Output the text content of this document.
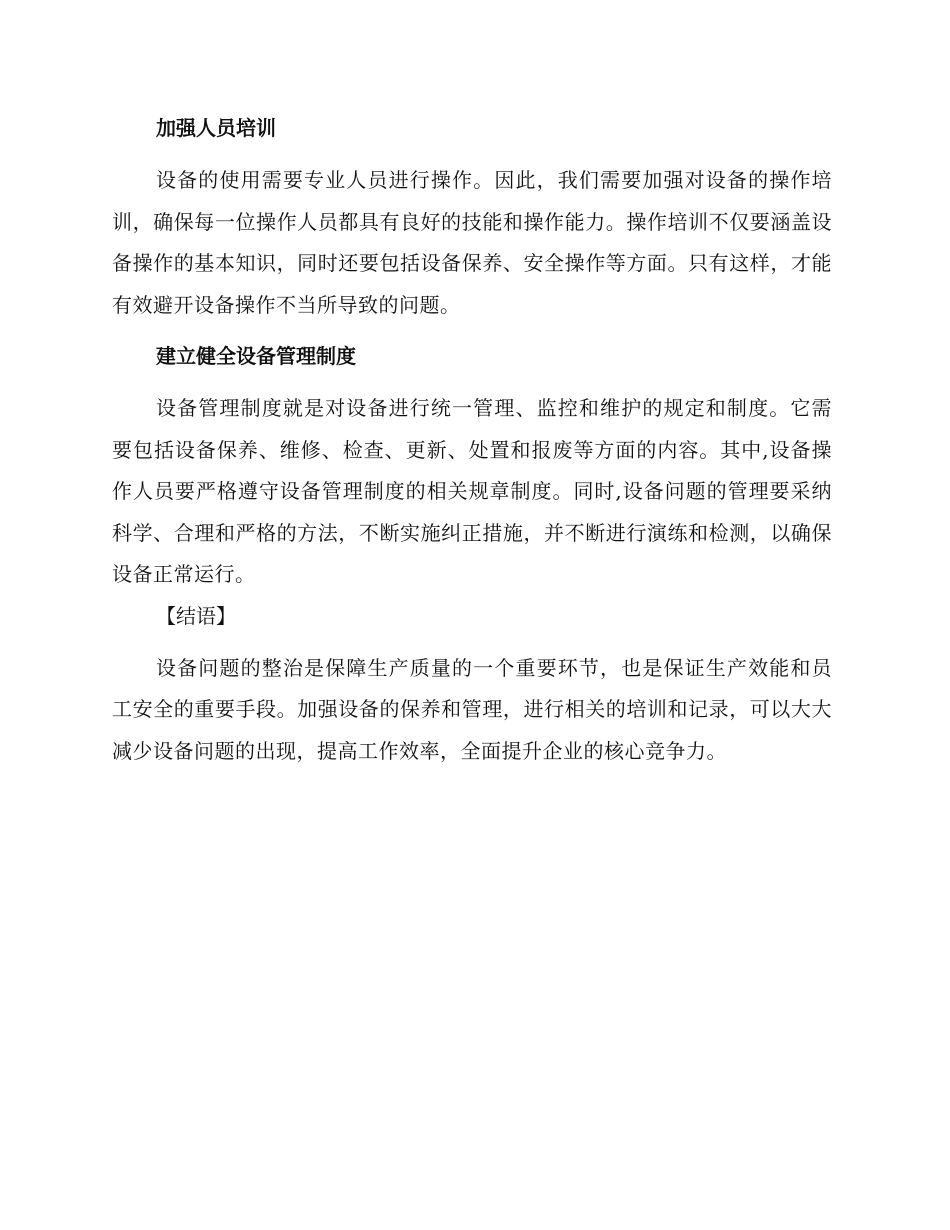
加强人员培训

设备的使用需要专业人员进行操作。因此，我们需要加强对设备的操作培训，确保每一位操作人员都具有良好的技能和操作能力。操作培训不仅要涵盖设备操作的基本知识，同时还要包括设备保养、安全操作等方面。只有这样，才能有效避开设备操作不当所导致的问题。

建立健全设备管理制度

设备管理制度就是对设备进行统一管理、监控和维护的规定和制度。它需要包括设备保养、维修、检查、更新、处置和报废等方面的内容。其中,设备操作人员要严格遵守设备管理制度的相关规章制度。同时,设备问题的管理要采纳科学、合理和严格的方法，不断实施纠正措施，并不断进行演练和检测，以确保设备正常运行。

【结语】

设备问题的整治是保障生产质量的一个重要环节，也是保证生产效能和员工安全的重要手段。加强设备的保养和管理，进行相关的培训和记录，可以大大减少设备问题的出现，提高工作效率，全面提升企业的核心竞争力。
